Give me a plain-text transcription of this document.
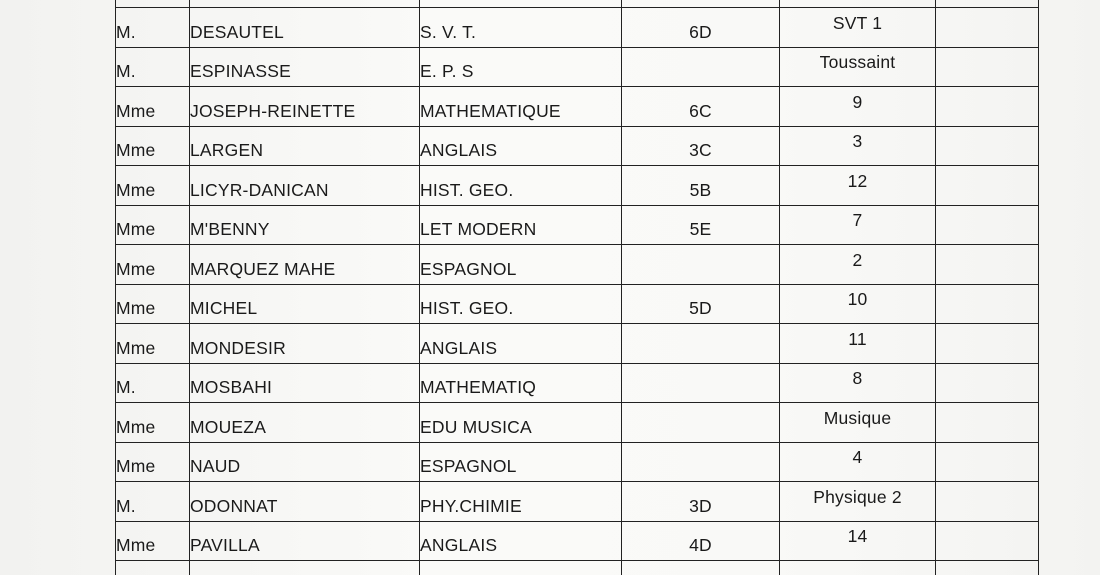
M.	DESAUTEL	S. V. T.	6D	SVT 1	
M.	ESPINASSE	E. P. S		Toussaint	
Mme	JOSEPH-REINETTE	MATHEMATIQUE	6C	9	
Mme	LARGEN	ANGLAIS	3C	3	
Mme	LICYR-DANICAN	HIST. GEO.	5B	12	
Mme	M'BENNY	LET MODERN	5E	7	
Mme	MARQUEZ MAHE	ESPAGNOL		2	
Mme	MICHEL	HIST. GEO.	5D	10	
Mme	MONDESIR	ANGLAIS		11	
M.	MOSBAHI	MATHEMATIQ		8	
Mme	MOUEZA	EDU MUSICA		Musique	
Mme	NAUD	ESPAGNOL		4	
M.	ODONNAT	PHY.CHIMIE	3D	Physique 2	
Mme	PAVILLA	ANGLAIS	4D	14	
